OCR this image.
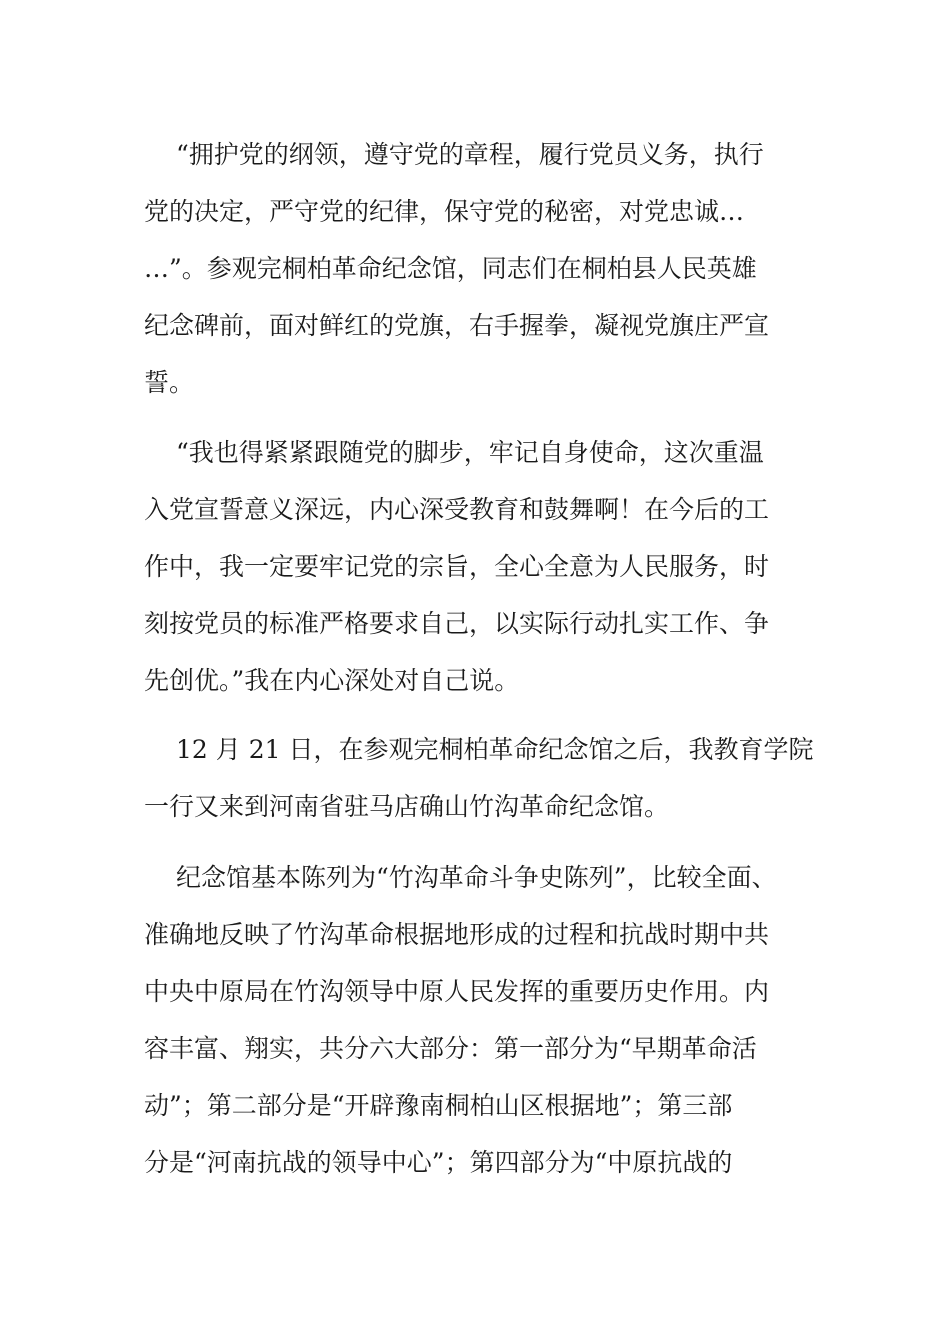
“拥护党的纲领，遵守党的章程，履行党员义务，执行
党的决定，严守党的纪律，保守党的秘密，对党忠诚…
…”。参观完桐柏革命纪念馆，同志们在桐柏县人民英雄
纪念碑前，面对鲜红的党旗，右手握拳，凝视党旗庄严宣
誓。
“我也得紧紧跟随党的脚步，牢记自身使命，这次重温
入党宣誓意义深远，内心深受教育和鼓舞啊！在今后的工
作中，我一定要牢记党的宗旨，全心全意为人民服务，时
刻按党员的标准严格要求自己，以实际行动扎实工作、争
先创优。”我在内心深处对自己说。
12 月 21 日，在参观完桐柏革命纪念馆之后，我教育学院
一行又来到河南省驻马店确山竹沟革命纪念馆。
纪念馆基本陈列为“竹沟革命斗争史陈列”，比较全面、
准确地反映了竹沟革命根据地形成的过程和抗战时期中共
中央中原局在竹沟领导中原人民发挥的重要历史作用。内
容丰富、翔实，共分六大部分：第一部分为“早期革命活
动”；第二部分是“开辟豫南桐柏山区根据地”；第三部
分是“河南抗战的领导中心”；第四部分为“中原抗战的
